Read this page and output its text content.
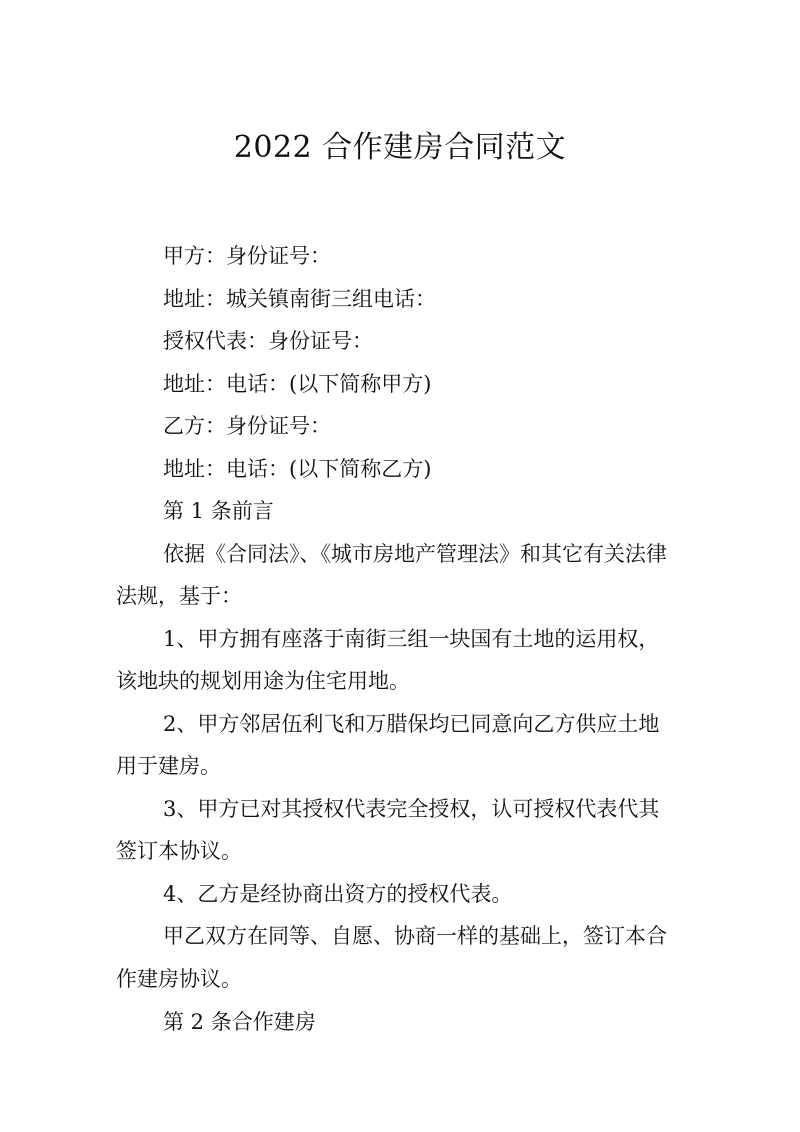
2022 合作建房合同范文
甲方：身份证号：
地址：城关镇南街三组电话：
授权代表：身份证号：
地址：电话：(以下简称甲方)
乙方：身份证号：
地址：电话：(以下简称乙方)
第 1 条前言
依据《合同法》、《城市房地产管理法》和其它有关法律
法规，基于：
1、甲方拥有座落于南街三组一块国有土地的运用权，
该地块的规划用途为住宅用地。
2、甲方邻居伍利飞和万腊保均已同意向乙方供应土地
用于建房。
3、甲方已对其授权代表完全授权，认可授权代表代其
签订本协议。
4、乙方是经协商出资方的授权代表。
甲乙双方在同等、自愿、协商一样的基础上，签订本合
作建房协议。
第 2 条合作建房
